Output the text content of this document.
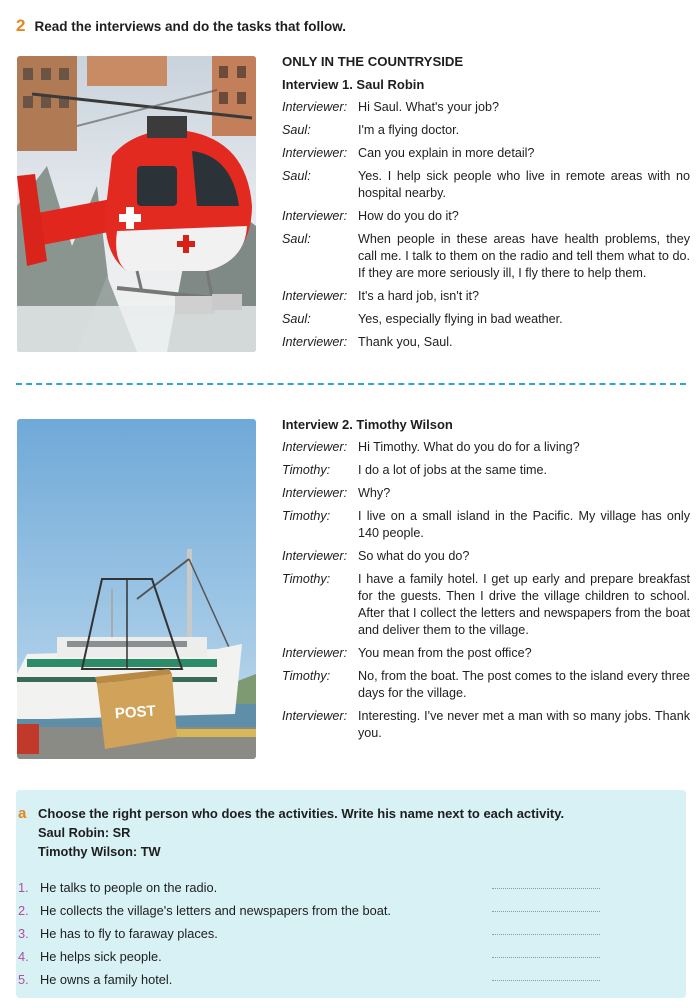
2 Read the interviews and do the tasks that follow.
ONLY IN THE COUNTRYSIDE
Interview 1. Saul Robin
Interviewer: Hi Saul. What's your job?
Saul:	I'm a flying doctor.
Interviewer: Can you explain in more detail?
Saul:	Yes. I help sick people who live in remote areas with no hospital nearby.
Interviewer: How do you do it?
Saul:	When people in these areas have health problems, they call me. I talk to them on the radio and tell them what to do. If they are more seriously ill, I fly there to help them.
Interviewer: It's a hard job, isn't it?
Saul:	Yes, especially flying in bad weather.
Interviewer: Thank you, Saul.
POST
Interview 2. Timothy Wilson
Interviewer: Hi Timothy. What do you do for a living?
Timothy:	I do a lot of jobs at the same time.
Interviewer: Why?
Timothy:	I live on a small island in the Pacific. My village has only 140 people.
Interviewer: So what do you do?
Timothy:	I have a family hotel. I get up early and prepare breakfast for the guests. Then I drive the village children to school. After that I collect the letters and newspapers from the boat and deliver them to the village.
Interviewer: You mean from the post office?
Timothy:	No, from the boat. The post comes to the island every three days for the village.
Interviewer: Interesting. I've never met a man with so many jobs. Thank you.
a Choose the right person who does the activities. Write his name next to each activity.
Saul Robin: SR
Timothy Wilson: TW
1. He talks to people on the radio.
2. He collects the village's letters and newspapers from the boat.
3. He has to fly to faraway places.
4. He helps sick people.
5. He owns a family hotel.
